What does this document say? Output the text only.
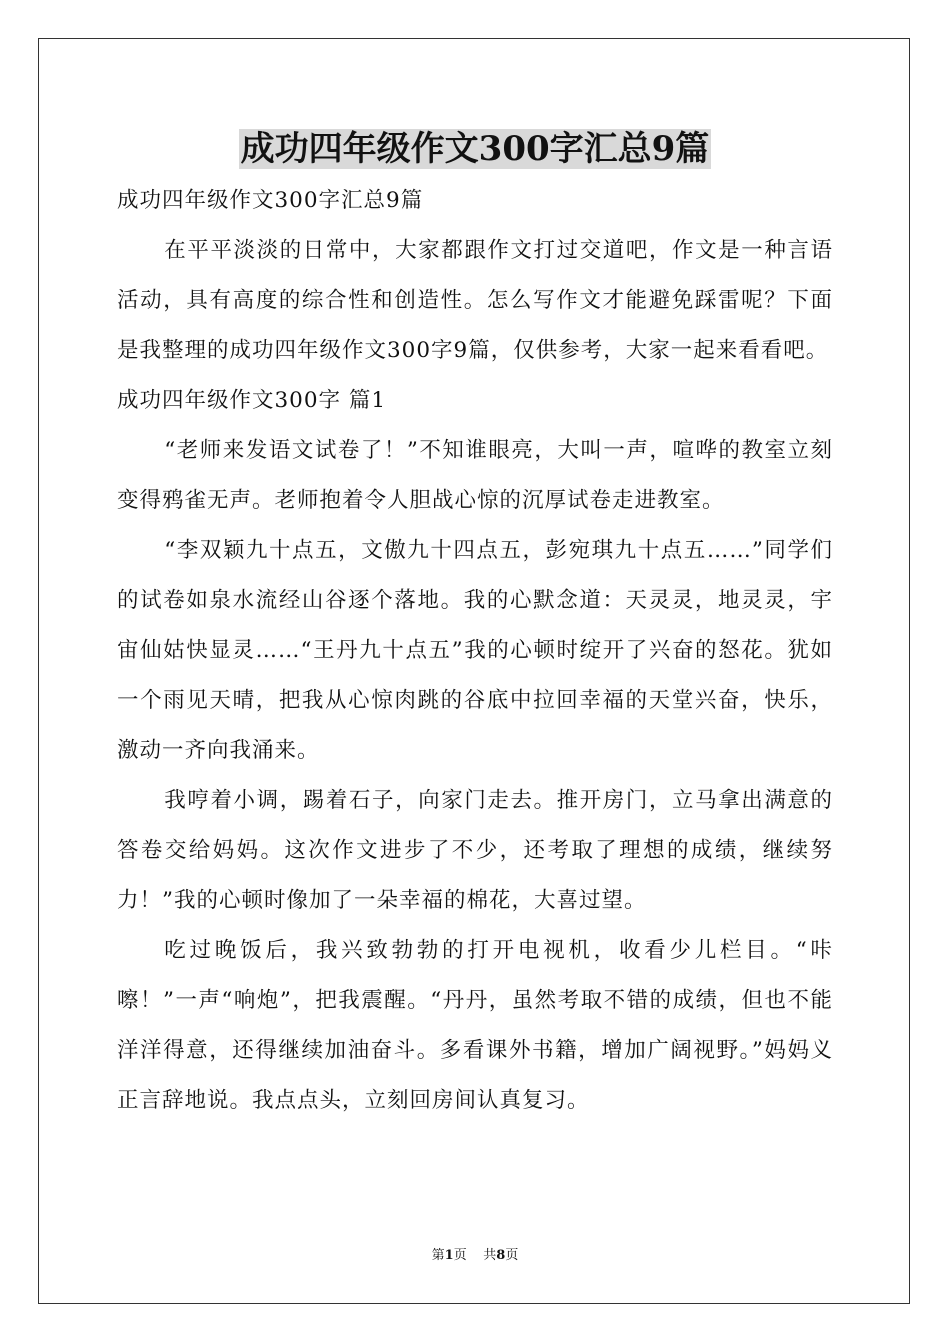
成功四年级作文300字汇总9篇

成功四年级作文300字汇总9篇

在平平淡淡的日常中，大家都跟作文打过交道吧，作文是一种言语活动，具有高度的综合性和创造性。怎么写作文才能避免踩雷呢？下面是我整理的成功四年级作文300字9篇，仅供参考，大家一起来看看吧。

成功四年级作文300字 篇1

“老师来发语文试卷了！”不知谁眼亮，大叫一声，喧哗的教室立刻变得鸦雀无声。老师抱着令人胆战心惊的沉厚试卷走进教室。

“李双颖九十点五，文傲九十四点五，彭宛琪九十点五……”同学们的试卷如泉水流经山谷逐个落地。我的心默念道：天灵灵，地灵灵，宇宙仙姑快显灵……“王丹九十点五”我的心顿时绽开了兴奋的怒花。犹如一个雨见天晴，把我从心惊肉跳的谷底中拉回幸福的天堂兴奋，快乐，激动一齐向我涌来。

我哼着小调，踢着石子，向家门走去。推开房门，立马拿出满意的答卷交给妈妈。这次作文进步了不少，还考取了理想的成绩，继续努力！”我的心顿时像加了一朵幸福的棉花，大喜过望。

吃过晚饭后，我兴致勃勃的打开电视机，收看少儿栏目。“咔嚓！”一声“响炮”，把我震醒。“丹丹，虽然考取不错的成绩，但也不能洋洋得意，还得继续加油奋斗。多看课外书籍，增加广阔视野。”妈妈义正言辞地说。我点点头，立刻回房间认真复习。

第1页 共8页
